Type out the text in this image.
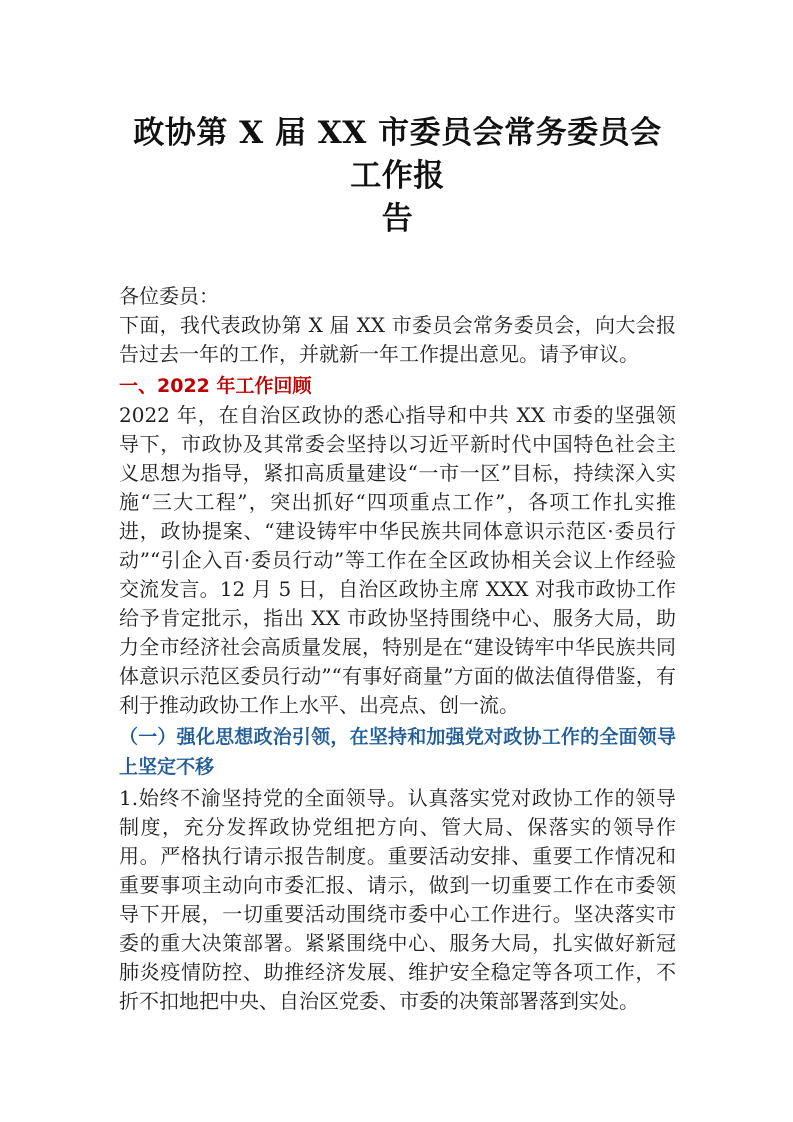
政协第 X 届 XX 市委员会常务委员会工作报
告

各位委员：

下面，我代表政协第 X 届 XX 市委员会常务委员会，向大会报告过去一年的工作，并就新一年工作提出意见。请予审议。

一、2022 年工作回顾

2022 年，在自治区政协的悉心指导和中共 XX 市委的坚强领导下，市政协及其常委会坚持以习近平新时代中国特色社会主义思想为指导，紧扣高质量建设“一市一区”目标，持续深入实施“三大工程”，突出抓好“四项重点工作”，各项工作扎实推进，政协提案、“建设铸牢中华民族共同体意识示范区·委员行动”“引企入百·委员行动”等工作在全区政协相关会议上作经验交流发言。12 月 5 日，自治区政协主席 XXX 对我市政协工作给予肯定批示，指出 XX 市政协坚持围绕中心、服务大局，助力全市经济社会高质量发展，特别是在“建设铸牢中华民族共同体意识示范区委员行动”“有事好商量”方面的做法值得借鉴，有利于推动政协工作上水平、出亮点、创一流。

（一）强化思想政治引领，在坚持和加强党对政协工作的全面领导上坚定不移

1.始终不渝坚持党的全面领导。认真落实党对政协工作的领导制度，充分发挥政协党组把方向、管大局、保落实的领导作用。严格执行请示报告制度。重要活动安排、重要工作情况和重要事项主动向市委汇报、请示，做到一切重要工作在市委领导下开展，一切重要活动围绕市委中心工作进行。坚决落实市委的重大决策部署。紧紧围绕中心、服务大局，扎实做好新冠肺炎疫情防控、助推经济发展、维护安全稳定等各项工作，不折不扣地把中央、自治区党委、市委的决策部署落到实处。
